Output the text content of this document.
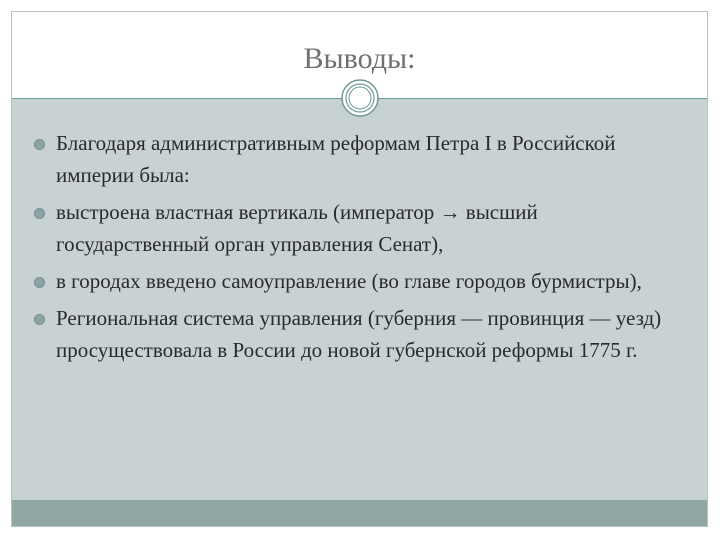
Выводы:
Благодаря административным реформам Петра I в Российской империи была:
выстроена властная вертикаль (император → высший государственный орган управления Сенат),
в городах введено самоуправление (во главе городов бурмистры),
Региональная система управления (губерния — провинция — уезд) просуществовала в России до новой губернской реформы 1775 г.
